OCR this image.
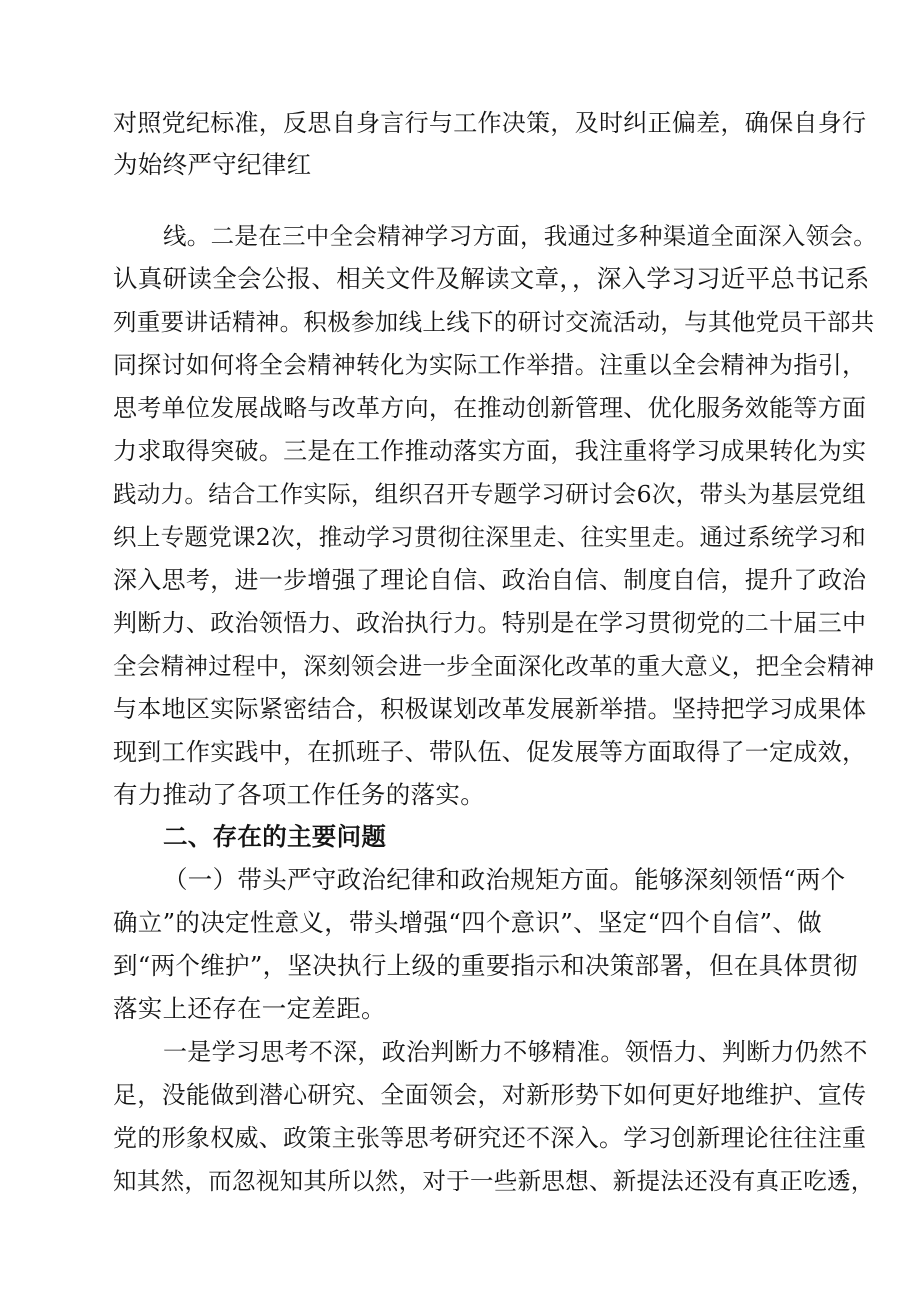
对照党纪标准，反思自身言行与工作决策，及时纠正偏差，确保自身行
为始终严守纪律红
线。二是在三中全会精神学习方面，我通过多种渠道全面深入领会。
认真研读全会公报、相关文件及解读文章，，深入学习习近平总书记系
列重要讲话精神。积极参加线上线下的研讨交流活动，与其他党员干部共
同探讨如何将全会精神转化为实际工作举措。注重以全会精神为指引，
思考单位发展战略与改革方向，在推动创新管理、优化服务效能等方面
力求取得突破。三是在工作推动落实方面，我注重将学习成果转化为实
践动力。结合工作实际，组织召开专题学习研讨会6次，带头为基层党组
织上专题党课2次，推动学习贯彻往深里走、往实里走。通过系统学习和
深入思考，进一步增强了理论自信、政治自信、制度自信，提升了政治
判断力、政治领悟力、政治执行力。特别是在学习贯彻党的二十届三中
全会精神过程中，深刻领会进一步全面深化改革的重大意义，把全会精神
与本地区实际紧密结合，积极谋划改革发展新举措。坚持把学习成果体
现到工作实践中，在抓班子、带队伍、促发展等方面取得了一定成效，
有力推动了各项工作任务的落实。
二、存在的主要问题
（一）带头严守政治纪律和政治规矩方面。能够深刻领悟“两个
确立”的决定性意义，带头增强“四个意识”、坚定“四个自信”、做
到“两个维护”，坚决执行上级的重要指示和决策部署，但在具体贯彻
落实上还存在一定差距。
一是学习思考不深，政治判断力不够精准。领悟力、判断力仍然不
足，没能做到潜心研究、全面领会，对新形势下如何更好地维护、宣传
党的形象权威、政策主张等思考研究还不深入。学习创新理论往往注重
知其然，而忽视知其所以然，对于一些新思想、新提法还没有真正吃透，
